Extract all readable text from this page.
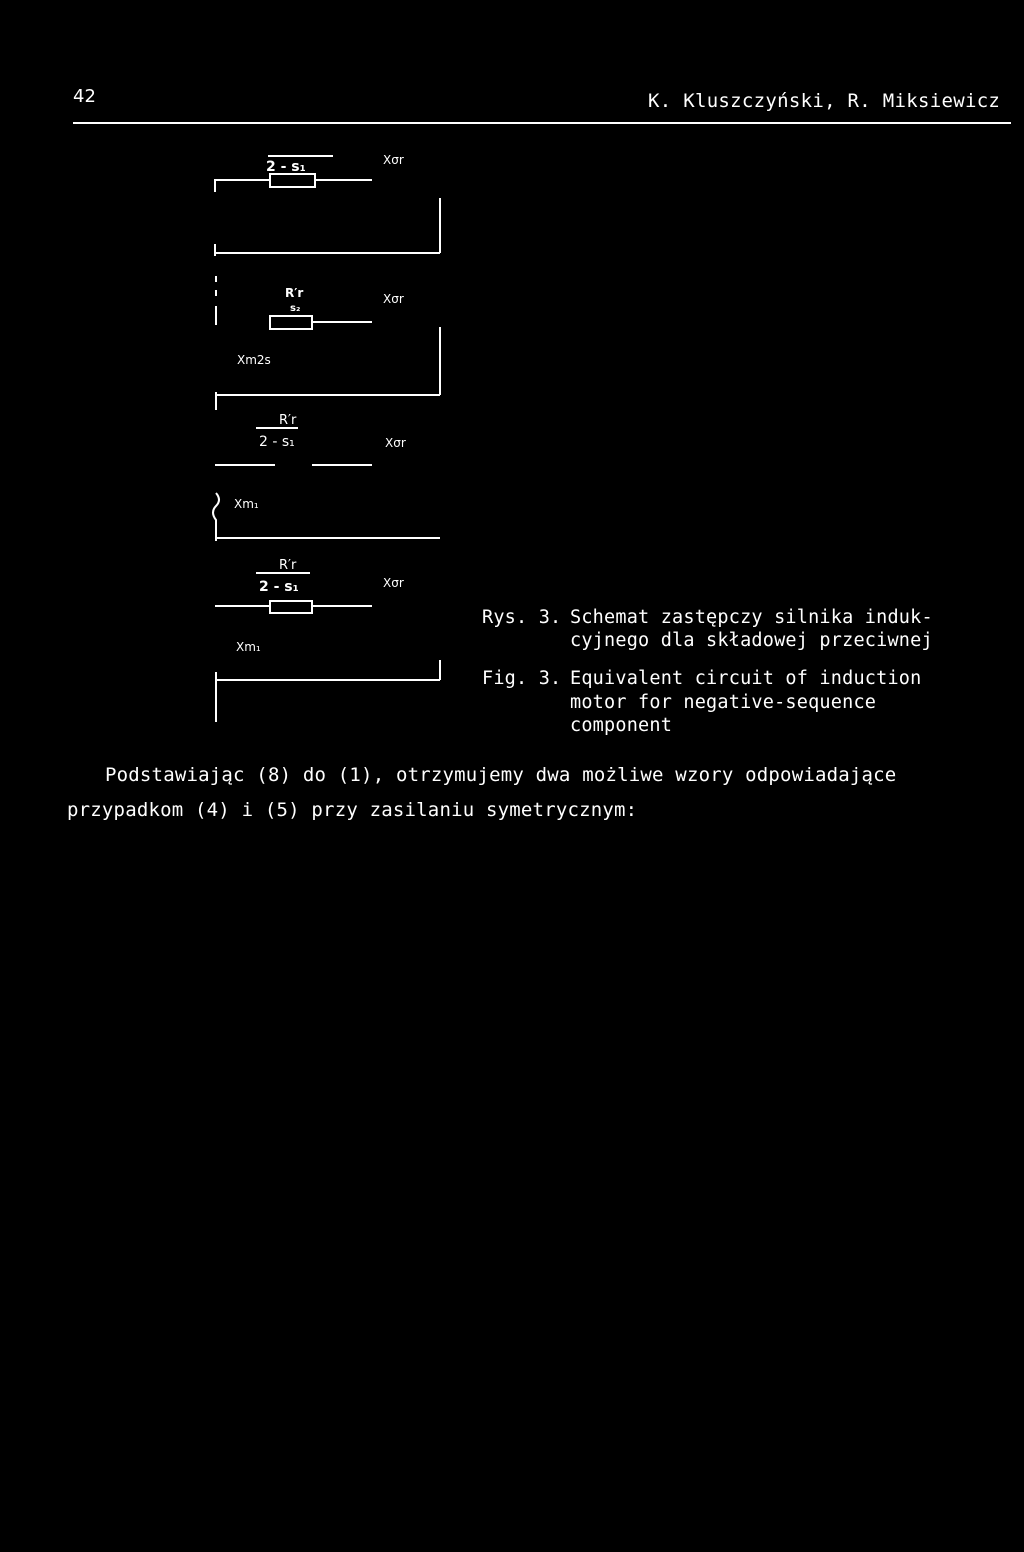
42	K. Kluszczyński, R. Miksiewicz
2 - s₁	Xσr
R′r
s₂
Xσr
Xm2s
R′r
2 - s₁	Xσr
Xm₁
R′r
2 - s₁	Xσr
Xm₁
Rys. 3. Schemat zastępczy silnika induk-
cyjnego dla składowej przeciwnej
Fig. 3. Equivalent circuit of induction
motor for negative-sequence
component
Podstawiając (8) do (1), otrzymujemy dwa możliwe wzory odpowiadające
przypadkom (4) i (5) przy zasilaniu symetrycznym:
